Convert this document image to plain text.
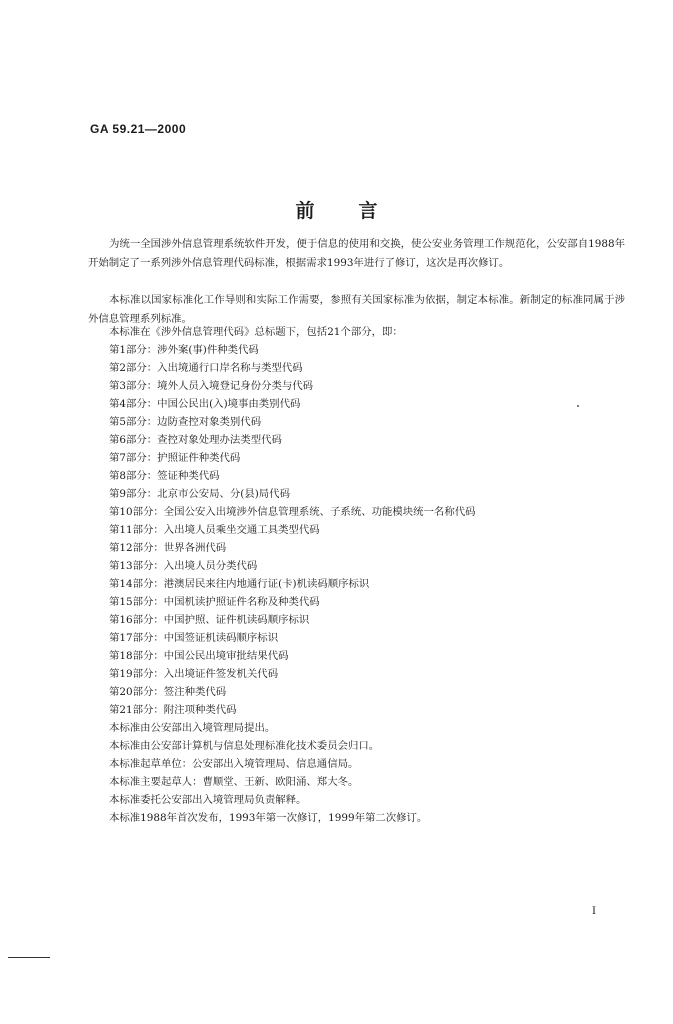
GA 59.21—2000
前 言
为统一全国涉外信息管理系统软件开发，便于信息的使用和交换，使公安业务管理工作规范化，公安部自1988年开始制定了一系列涉外信息管理代码标准，根据需求1993年进行了修订，这次是再次修订。
本标准以国家标准化工作导则和实际工作需要，参照有关国家标准为依据，制定本标准。新制定的标准同属于涉外信息管理系列标准。
本标准在《涉外信息管理代码》总标题下，包括21个部分，即：
第1部分：涉外案(事)件种类代码
第2部分：入出境通行口岸名称与类型代码
第3部分：境外人员入境登记身份分类与代码
第4部分：中国公民出(入)境事由类别代码
第5部分：边防查控对象类别代码
第6部分：查控对象处理办法类型代码
第7部分：护照证件种类代码
第8部分：签证种类代码
第9部分：北京市公安局、分(县)局代码
第10部分：全国公安入出境涉外信息管理系统、子系统、功能模块统一名称代码
第11部分：入出境人员乘坐交通工具类型代码
第12部分：世界各洲代码
第13部分：入出境人员分类代码
第14部分：港澳居民来往内地通行证(卡)机读码顺序标识
第15部分：中国机读护照证件名称及种类代码
第16部分：中国护照、证件机读码顺序标识
第17部分：中国签证机读码顺序标识
第18部分：中国公民出境审批结果代码
第19部分：入出境证件签发机关代码
第20部分：签注种类代码
第21部分：附注项种类代码
本标准由公安部出入境管理局提出。
本标准由公安部计算机与信息处理标准化技术委员会归口。
本标准起草单位：公安部出入境管理局、信息通信局。
本标准主要起草人：曹顺堂、王新、欧阳涌、郑大冬。
本标准委托公安部出入境管理局负责解释。
本标准1988年首次发布，1993年第一次修订，1999年第二次修订。
I
